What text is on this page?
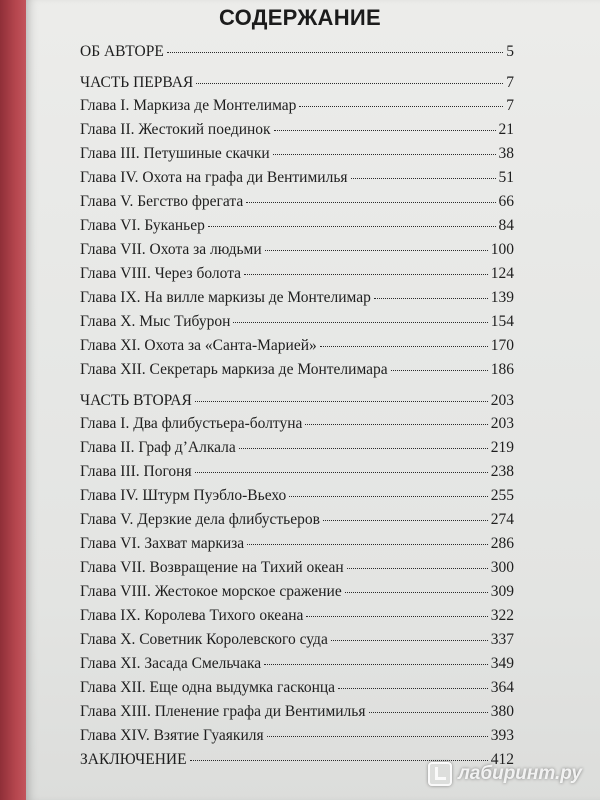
СОДЕРЖАНИЕ
ОБ АВТОРЕ	5
ЧАСТЬ ПЕРВАЯ	7
Глава I. Маркиза де Монтелимар	7
Глава II. Жестокий поединок	21
Глава III. Петушиные скачки	38
Глава IV. Охота на графа ди Вентимилья	51
Глава V. Бегство фрегата	66
Глава VI. Буканьер	84
Глава VII. Охота за людьми	100
Глава VIII. Через болота	124
Глава IX. На вилле маркизы де Монтелимар	139
Глава X. Мыс Тибурон	154
Глава XI. Охота за «Санта-Марией»	170
Глава XII. Секретарь маркиза де Монтелимара	186
ЧАСТЬ ВТОРАЯ	203
Глава I. Два флибустьера-болтуна	203
Глава II. Граф д’Алкала	219
Глава III. Погоня	238
Глава IV. Штурм Пуэбло-Вьехо	255
Глава V. Дерзкие дела флибустьеров	274
Глава VI. Захват маркиза	286
Глава VII. Возвращение на Тихий океан	300
Глава VIII. Жестокое морское сражение	309
Глава IX. Королева Тихого океана	322
Глава X. Советник Королевского суда	337
Глава XI. Засада Смельчака	349
Глава XII. Еще одна выдумка гасконца	364
Глава XIII. Пленение графа ди Вентимилья	380
Глава XIV. Взятие Гуаякиля	393
ЗАКЛЮЧЕНИЕ	412
лабиринт.ру
